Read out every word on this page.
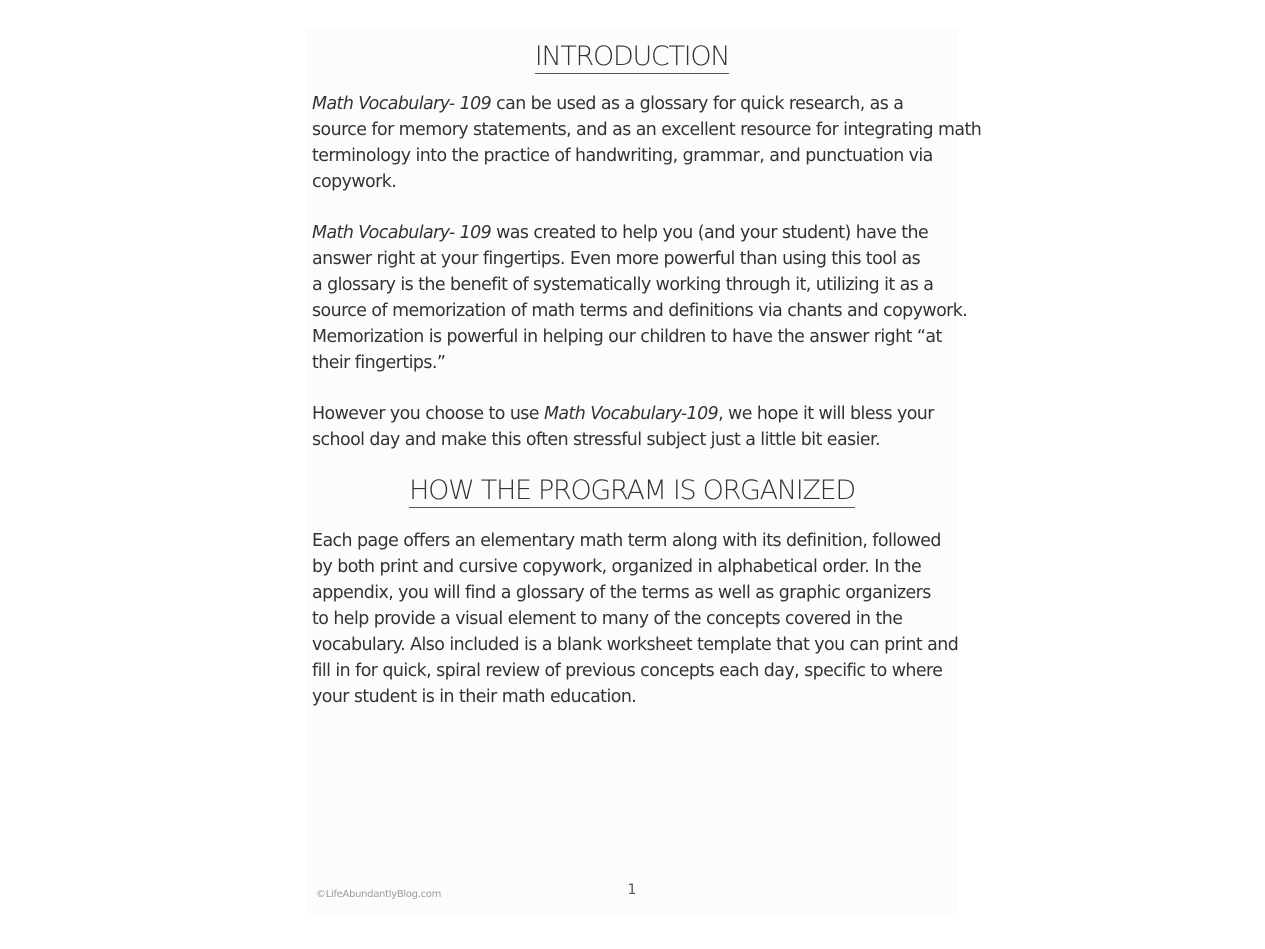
INTRODUCTION

Math Vocabulary- 109 can be used as a glossary for quick research, as a
source for memory statements, and as an excellent resource for integrating math
terminology into the practice of handwriting, grammar, and punctuation via
copywork.

Math Vocabulary- 109 was created to help you (and your student) have the
answer right at your fingertips. Even more powerful than using this tool as
a glossary is the benefit of systematically working through it, utilizing it as a
source of memorization of math terms and definitions via chants and copywork.
Memorization is powerful in helping our children to have the answer right “at
their fingertips.”

However you choose to use Math Vocabulary-109, we hope it will bless your
school day and make this often stressful subject just a little bit easier.

HOW THE PROGRAM IS ORGANIZED

Each page offers an elementary math term along with its definition, followed
by both print and cursive copywork, organized in alphabetical order. In the
appendix, you will find a glossary of the terms as well as graphic organizers
to help provide a visual element to many of the concepts covered in the
vocabulary. Also included is a blank worksheet template that you can print and
fill in for quick, spiral review of previous concepts each day, specific to where
your student is in their math education.

©LifeAbundantlyBlog.com	1
